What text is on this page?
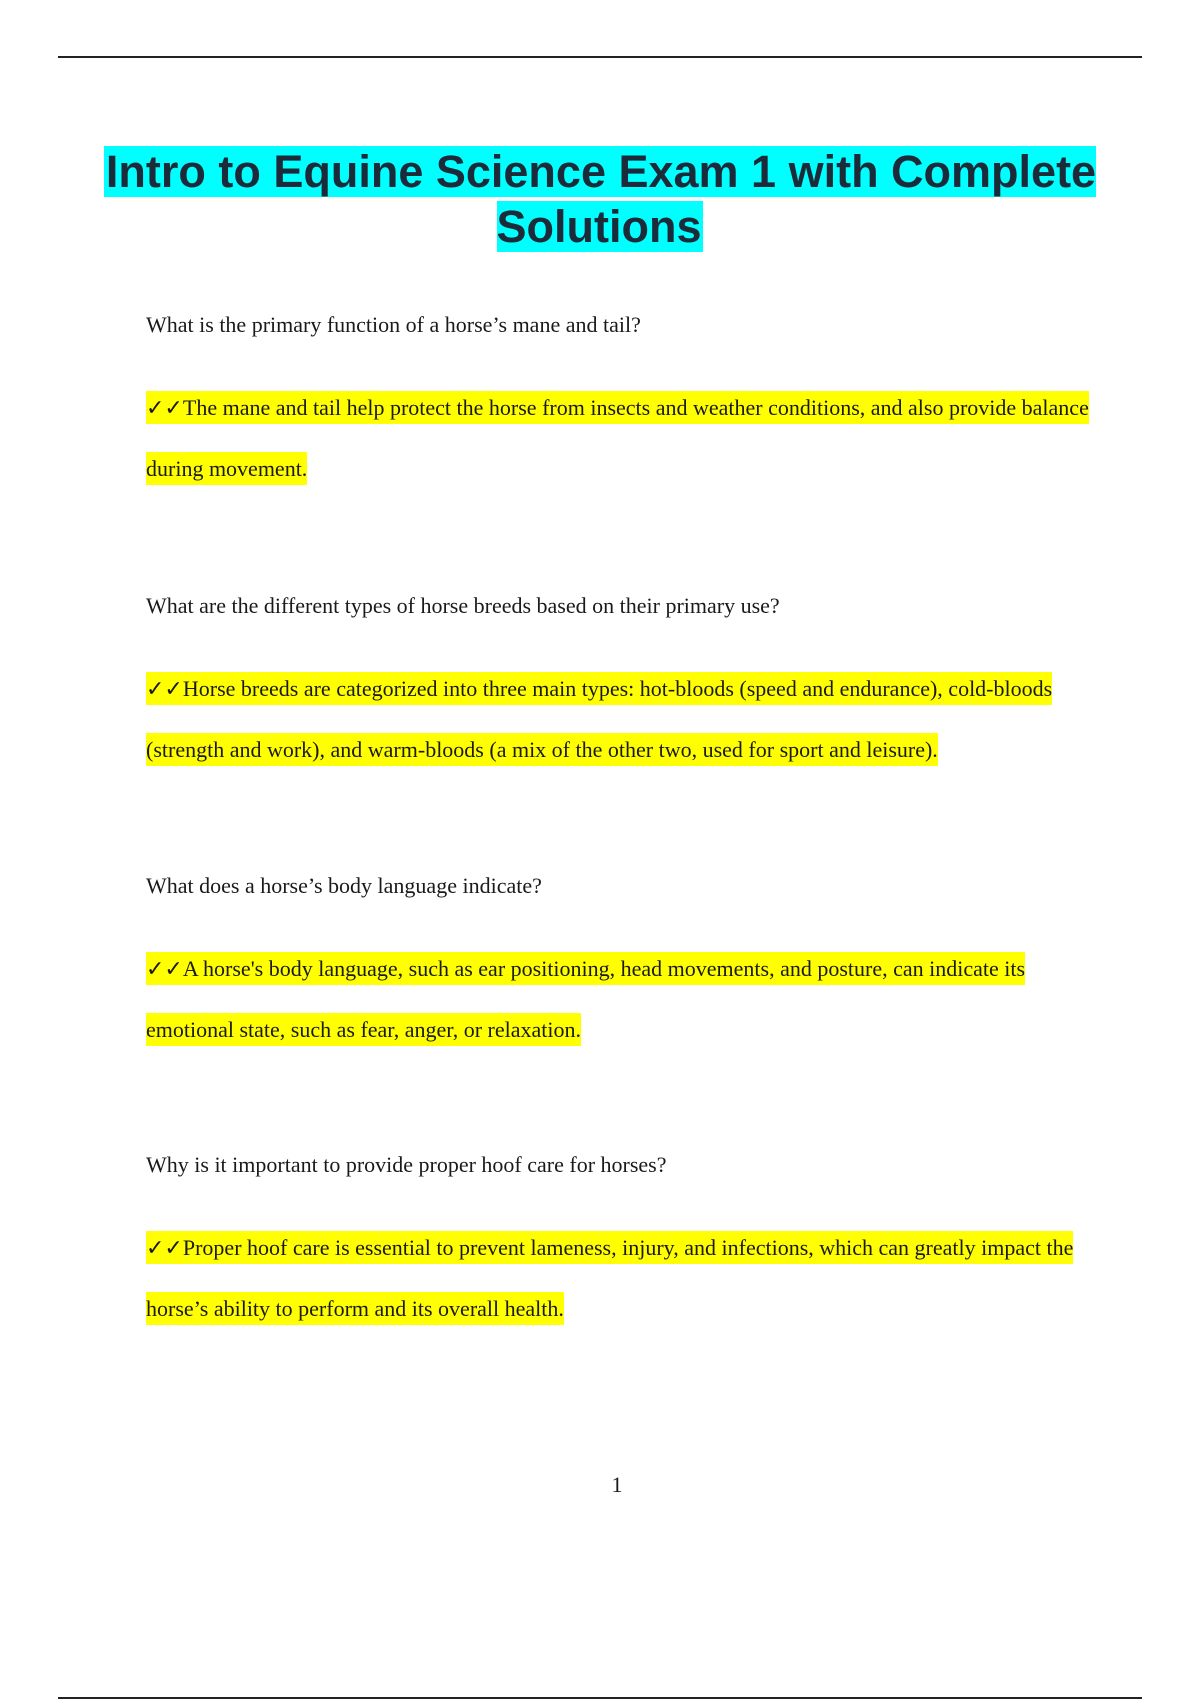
Intro to Equine Science Exam 1 with Complete Solutions

What is the primary function of a horse’s mane and tail?

✓✓The mane and tail help protect the horse from insects and weather conditions, and also provide balance during movement.

What are the different types of horse breeds based on their primary use?

✓✓Horse breeds are categorized into three main types: hot-bloods (speed and endurance), cold-bloods (strength and work), and warm-bloods (a mix of the other two, used for sport and leisure).

What does a horse’s body language indicate?

✓✓A horse's body language, such as ear positioning, head movements, and posture, can indicate its emotional state, such as fear, anger, or relaxation.

Why is it important to provide proper hoof care for horses?

✓✓Proper hoof care is essential to prevent lameness, injury, and infections, which can greatly impact the horse’s ability to perform and its overall health.

1
